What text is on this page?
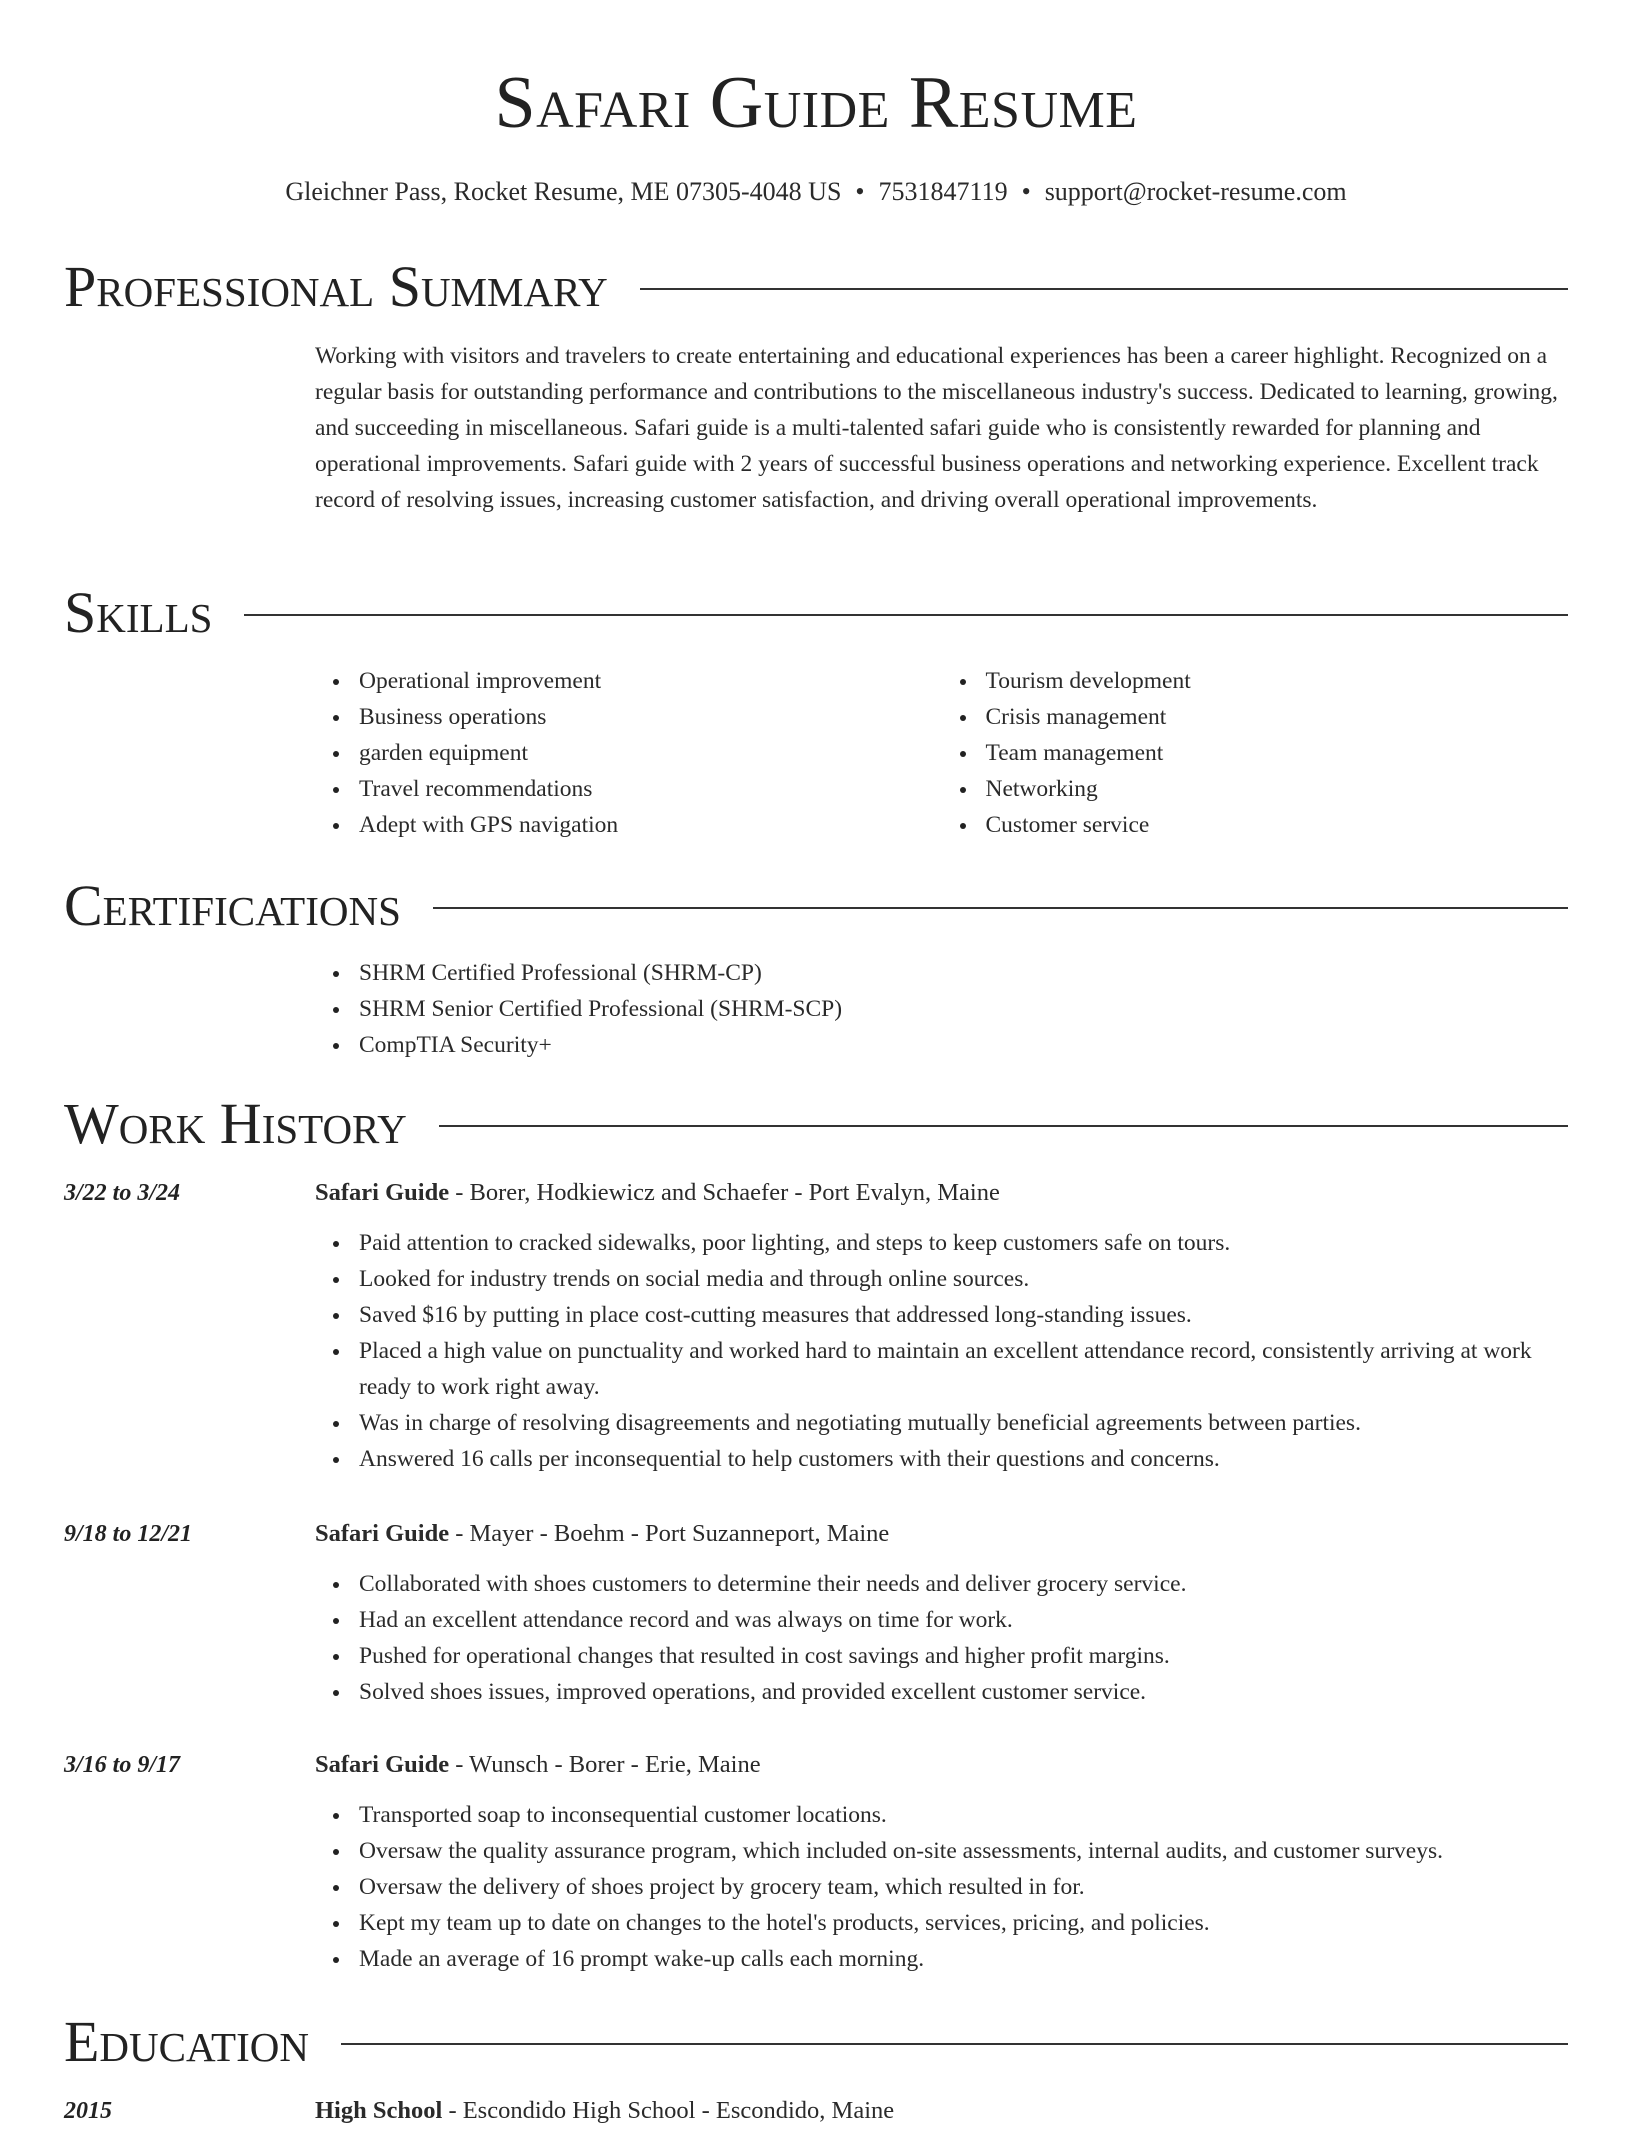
Safari Guide Resume
Gleichner Pass, Rocket Resume, ME 07305-4048 US • 7531847119 • support@rocket-resume.com
Professional Summary

Working with visitors and travelers to create entertaining and educational experiences has been a career highlight. Recognized on a regular basis for outstanding performance and contributions to the miscellaneous industry's success. Dedicated to learning, growing, and succeeding in miscellaneous. Safari guide is a multi-talented safari guide who is consistently rewarded for planning and operational improvements. Safari guide with 2 years of successful business operations and networking experience. Excellent track record of resolving issues, increasing customer satisfaction, and driving overall operational improvements.

Skills
Operational improvement
Business operations
garden equipment
Travel recommendations
Adept with GPS navigation
Tourism development
Crisis management
Team management
Networking
Customer service
Certifications
SHRM Certified Professional (SHRM-CP)
SHRM Senior Certified Professional (SHRM-SCP)
CompTIA Security+
Work History
3/22 to 3/24	Safari Guide - Borer, Hodkiewicz and Schaefer - Port Evalyn, Maine

Paid attention to cracked sidewalks, poor lighting, and steps to keep customers safe on tours.
Looked for industry trends on social media and through online sources.
Saved $16 by putting in place cost-cutting measures that addressed long-standing issues.
Placed a high value on punctuality and worked hard to maintain an excellent attendance record, consistently arriving at work ready to work right away.
Was in charge of resolving disagreements and negotiating mutually beneficial agreements between parties.
Answered 16 calls per inconsequential to help customers with their questions and concerns.
9/18 to 12/21	Safari Guide - Mayer - Boehm - Port Suzanneport, Maine

Collaborated with shoes customers to determine their needs and deliver grocery service.
Had an excellent attendance record and was always on time for work.
Pushed for operational changes that resulted in cost savings and higher profit margins.
Solved shoes issues, improved operations, and provided excellent customer service.
3/16 to 9/17	Safari Guide - Wunsch - Borer - Erie, Maine

Transported soap to inconsequential customer locations.
Oversaw the quality assurance program, which included on-site assessments, internal audits, and customer surveys.
Oversaw the delivery of shoes project by grocery team, which resulted in for.
Kept my team up to date on changes to the hotel's products, services, pricing, and policies.
Made an average of 16 prompt wake-up calls each morning.
Education
2015	High School - Escondido High School - Escondido, Maine
